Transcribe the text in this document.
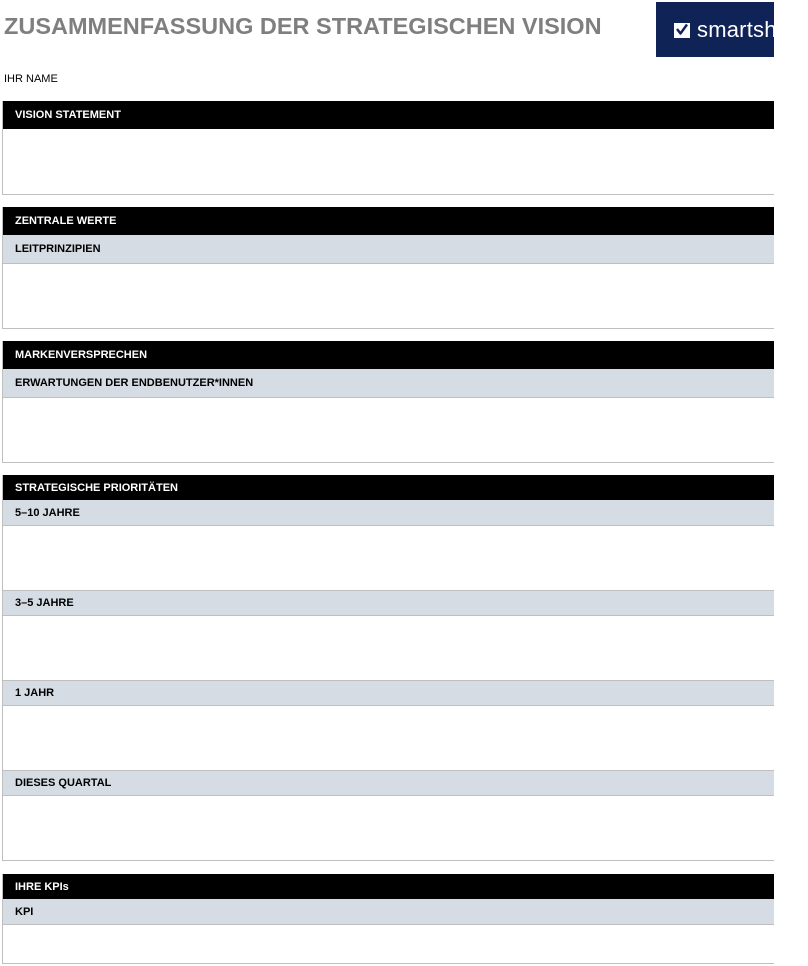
ZUSAMMENFASSUNG DER STRATEGISCHEN VISION	smartsheet
IHR NAME
VISION STATEMENT
ZENTRALE WERTE
LEITPRINZIPIEN
MARKENVERSPRECHEN
ERWARTUNGEN DER ENDBENUTZER*INNEN
STRATEGISCHE PRIORITÄTEN
5–10 JAHRE
3–5 JAHRE
1 JAHR
DIESES QUARTAL
IHRE KPIs
KPI
